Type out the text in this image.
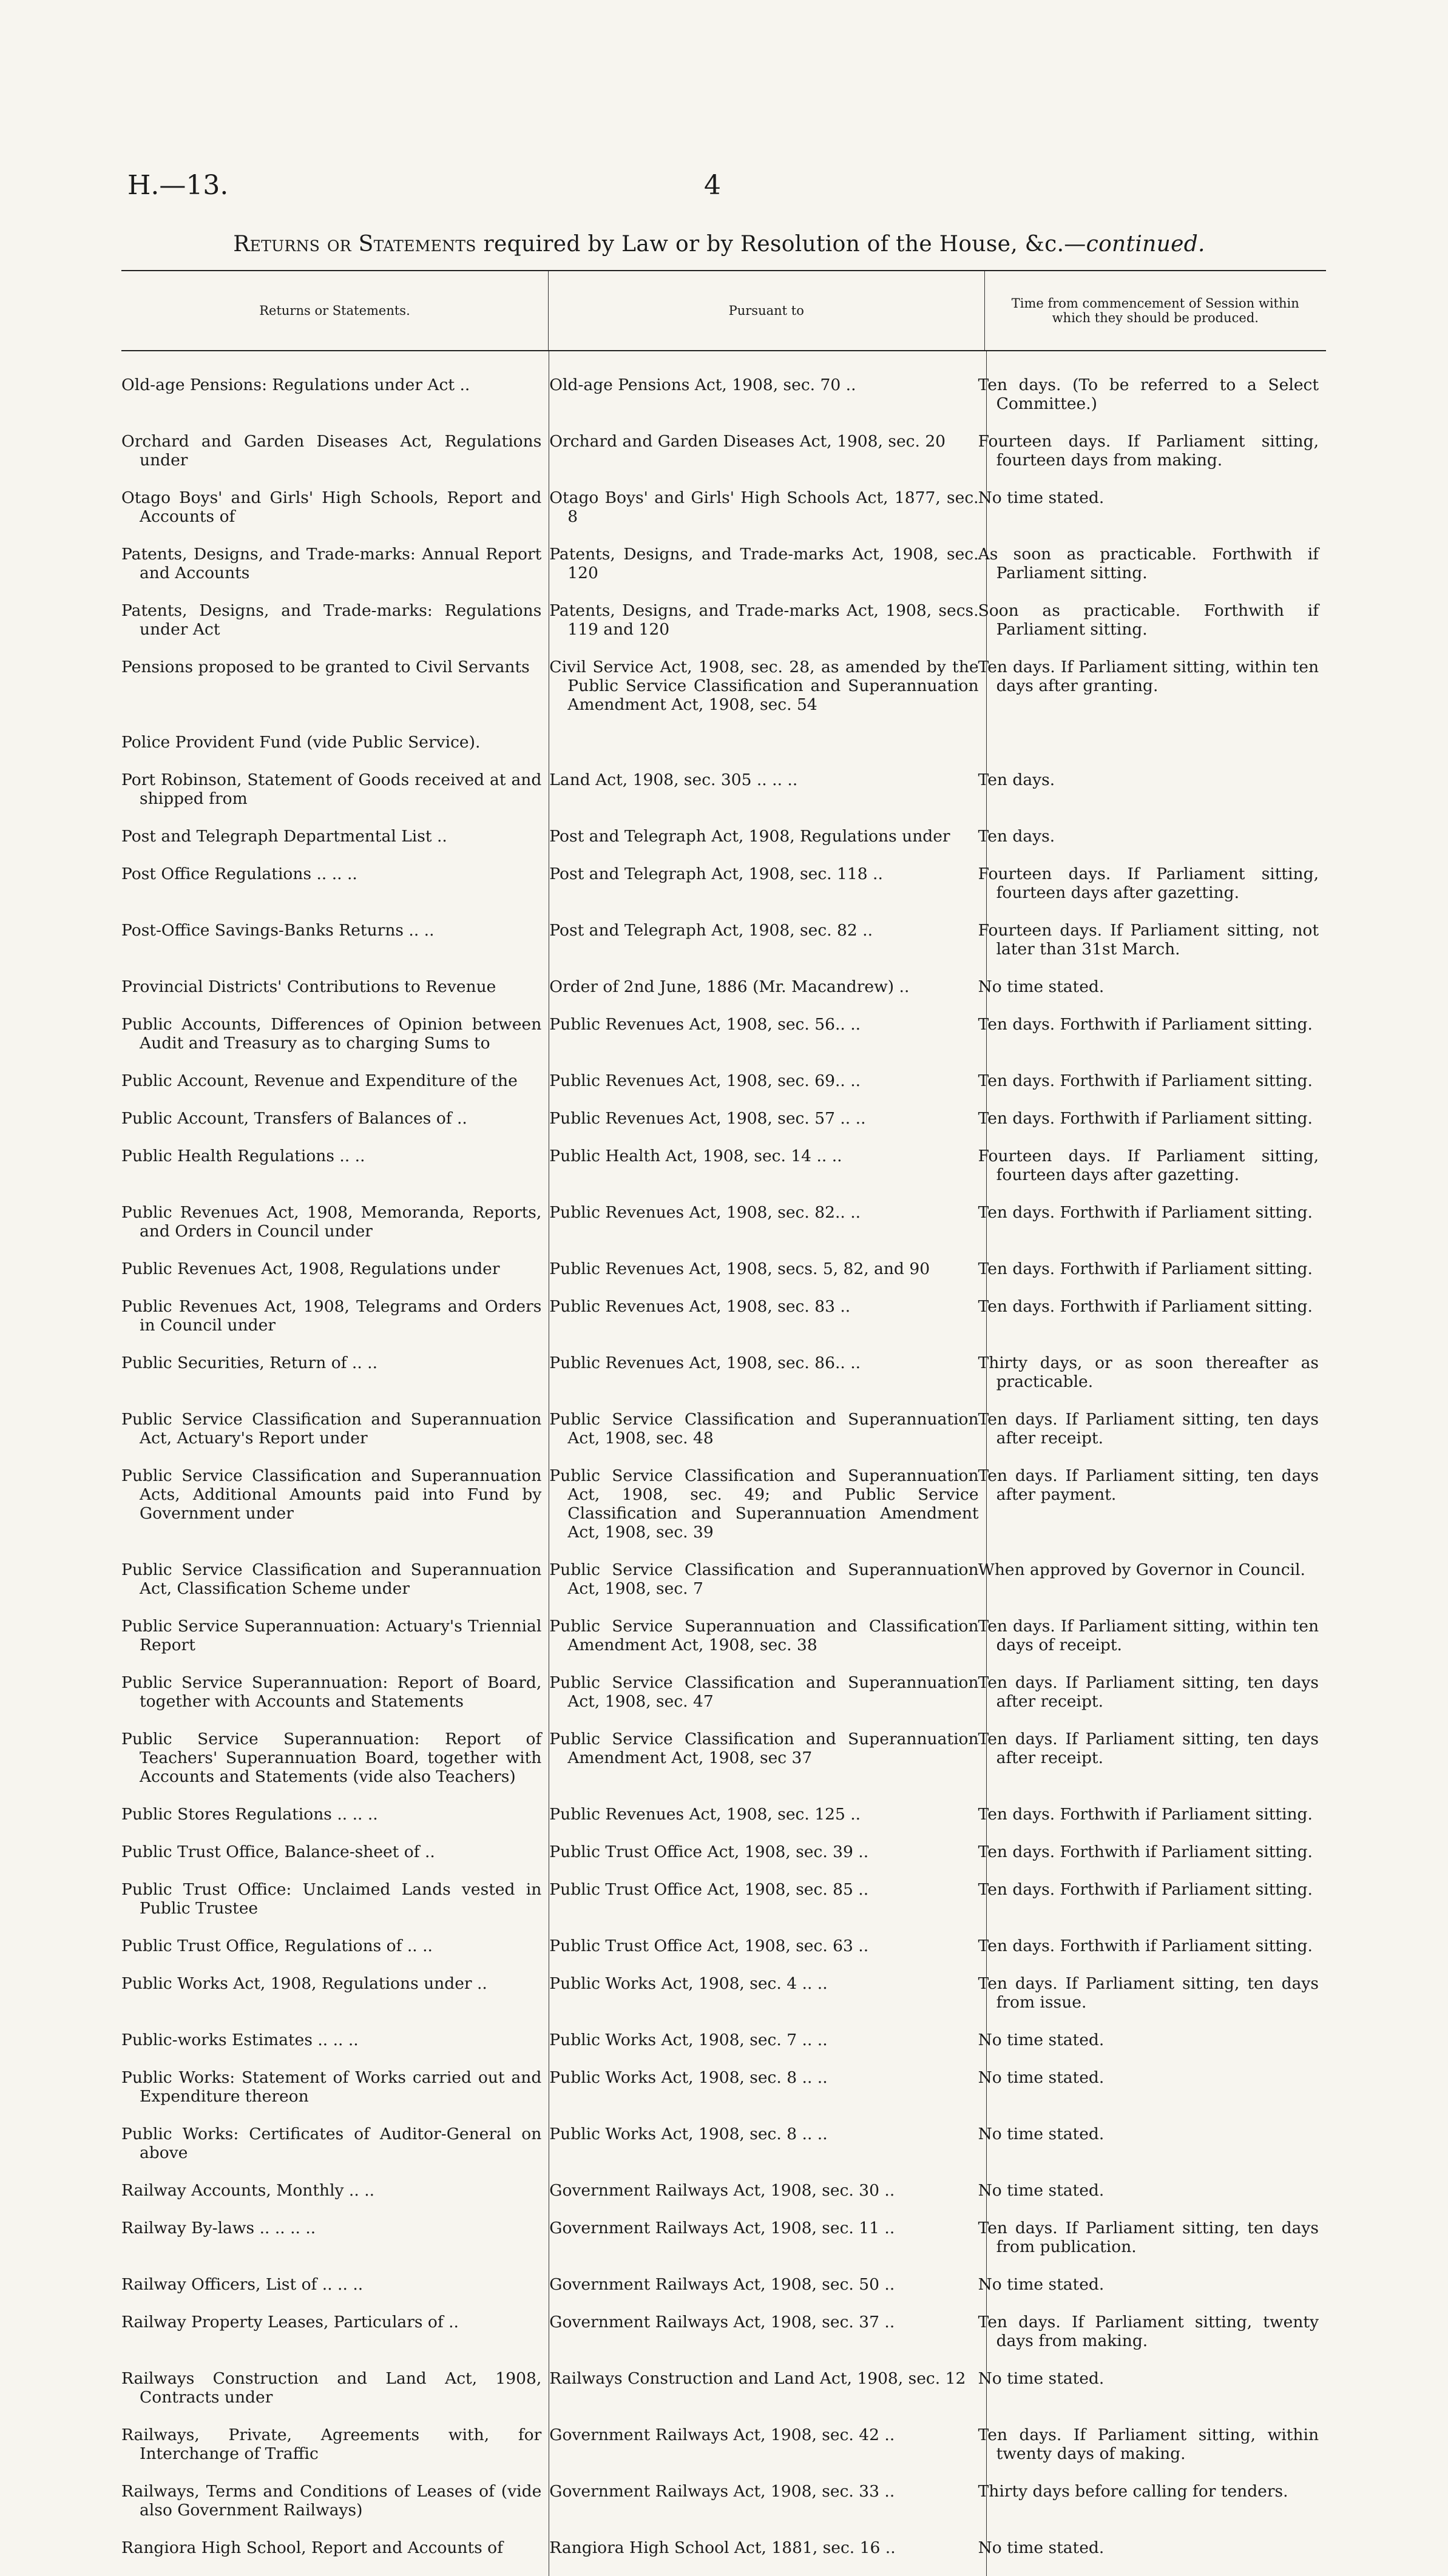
H.—13.	4
Returns or Statements required by Law or by Resolution of the House, &c.—continued.
Returns or Statements.	Pursuant to
Time from commencement of Session within which they should be produced.
Old-age Pensions: Regulations under Act ..
Orchard and Garden Diseases Act, Regulations under
Otago Boys' and Girls' High Schools, Report and Accounts of
Patents, Designs, and Trade-marks: Annual Report and Accounts
Patents, Designs, and Trade-marks: Regulations under Act
Pensions proposed to be granted to Civil Servants
Police Provident Fund (vide Public Service).
Port Robinson, Statement of Goods received at and shipped from
Post and Telegraph Departmental List ..
Post Office Regulations .. .. ..
Post-Office Savings-Banks Returns .. ..
Provincial Districts' Contributions to Revenue
Public Accounts, Differences of Opinion between Audit and Treasury as to charging Sums to
Public Account, Revenue and Expenditure of the
Public Account, Transfers of Balances of ..
Public Health Regulations .. ..
Public Revenues Act, 1908, Memoranda, Reports, and Orders in Council under
Public Revenues Act, 1908, Regulations under
Public Revenues Act, 1908, Telegrams and Orders in Council under
Public Securities, Return of .. ..
Public Service Classification and Superannuation Act, Actuary's Report under
Public Service Classification and Superannuation Acts, Additional Amounts paid into Fund by Government under
Public Service Classification and Superannuation Act, Classification Scheme under
Public Service Superannuation: Actuary's Triennial Report
Public Service Superannuation: Report of Board, together with Accounts and Statements
Public Service Superannuation: Report of Teachers' Superannuation Board, together with Accounts and Statements (vide also Teachers)
Public Stores Regulations .. .. ..
Public Trust Office, Balance-sheet of ..
Public Trust Office: Unclaimed Lands vested in Public Trustee
Public Trust Office, Regulations of .. ..
Public Works Act, 1908, Regulations under ..
Public-works Estimates .. .. ..
Public Works: Statement of Works carried out and Expenditure thereon
Public Works: Certificates of Auditor-General on above
Railway Accounts, Monthly .. ..
Railway By-laws .. .. .. ..
Railway Officers, List of .. .. ..
Railway Property Leases, Particulars of ..
Railways Construction and Land Act, 1908, Contracts under
Railways, Private, Agreements with, for Interchange of Traffic
Railways, Terms and Conditions of Leases of (vide also Government Railways)
Rangiora High School, Report and Accounts of
Old-age Pensions Act, 1908, sec. 70 ..
Orchard and Garden Diseases Act, 1908, sec. 20
Otago Boys' and Girls' High Schools Act, 1877, sec. 8
Patents, Designs, and Trade-marks Act, 1908, sec. 120
Patents, Designs, and Trade-marks Act, 1908, secs. 119 and 120
Civil Service Act, 1908, sec. 28, as amended by the Public Service Classification and Superannuation Amendment Act, 1908, sec. 54
Land Act, 1908, sec. 305 .. .. ..
Post and Telegraph Act, 1908, Regulations under
Post and Telegraph Act, 1908, sec. 118 ..
Post and Telegraph Act, 1908, sec. 82 ..
Order of 2nd June, 1886 (Mr. Macandrew) ..
Public Revenues Act, 1908, sec. 56.. ..
Public Revenues Act, 1908, sec. 69.. ..
Public Revenues Act, 1908, sec. 57 .. ..
Public Health Act, 1908, sec. 14 .. ..
Public Revenues Act, 1908, sec. 82.. ..
Public Revenues Act, 1908, secs. 5, 82, and 90
Public Revenues Act, 1908, sec. 83 ..
Public Revenues Act, 1908, sec. 86.. ..
Public Service Classification and Superannuation Act, 1908, sec. 48
Public Service Classification and Superannuation Act, 1908, sec. 49; and Public Service Classification and Superannuation Amendment Act, 1908, sec. 39
Public Service Classification and Superannuation Act, 1908, sec. 7
Public Service Superannuation and Classification Amendment Act, 1908, sec. 38
Public Service Classification and Superannuation Act, 1908, sec. 47
Public Service Classification and Superannuation Amendment Act, 1908, sec 37
Public Revenues Act, 1908, sec. 125 ..
Public Trust Office Act, 1908, sec. 39 ..
Public Trust Office Act, 1908, sec. 85 ..
Public Trust Office Act, 1908, sec. 63 ..
Public Works Act, 1908, sec. 4 .. ..
Public Works Act, 1908, sec. 7 .. ..
Public Works Act, 1908, sec. 8 .. ..
Public Works Act, 1908, sec. 8 .. ..
Government Railways Act, 1908, sec. 30 ..
Government Railways Act, 1908, sec. 11 ..
Government Railways Act, 1908, sec. 50 ..
Government Railways Act, 1908, sec. 37 ..
Railways Construction and Land Act, 1908, sec. 12
Government Railways Act, 1908, sec. 42 ..
Government Railways Act, 1908, sec. 33 ..
Rangiora High School Act, 1881, sec. 16 ..
Ten days. (To be referred to a Select Committee.)
Fourteen days. If Parliament sitting, fourteen days from making.
No time stated.
As soon as practicable. Forthwith if Parliament sitting.
Soon as practicable. Forthwith if Parliament sitting.
Ten days. If Parliament sitting, within ten days after granting.
Ten days.
Ten days.
Fourteen days. If Parliament sitting, fourteen days after gazetting.
Fourteen days. If Parliament sitting, not later than 31st March.
No time stated.
Ten days. Forthwith if Parliament sitting.
Ten days. Forthwith if Parliament sitting.
Ten days. Forthwith if Parliament sitting.
Fourteen days. If Parliament sitting, fourteen days after gazetting.
Ten days. Forthwith if Parliament sitting.
Ten days. Forthwith if Parliament sitting.
Ten days. Forthwith if Parliament sitting.
Thirty days, or as soon thereafter as practicable.
Ten days. If Parliament sitting, ten days after receipt.
Ten days. If Parliament sitting, ten days after payment.
When approved by Governor in Council.
Ten days. If Parliament sitting, within ten days of receipt.
Ten days. If Parliament sitting, ten days after receipt.
Ten days. If Parliament sitting, ten days after receipt.
Ten days. Forthwith if Parliament sitting.
Ten days. Forthwith if Parliament sitting.
Ten days. Forthwith if Parliament sitting.
Ten days. Forthwith if Parliament sitting.
Ten days. If Parliament sitting, ten days from issue.
No time stated.
No time stated.
No time stated.
No time stated.
Ten days. If Parliament sitting, ten days from publication.
No time stated.
Ten days. If Parliament sitting, twenty days from making.
No time stated.
Ten days. If Parliament sitting, within twenty days of making.
Thirty days before calling for tenders.
No time stated.
